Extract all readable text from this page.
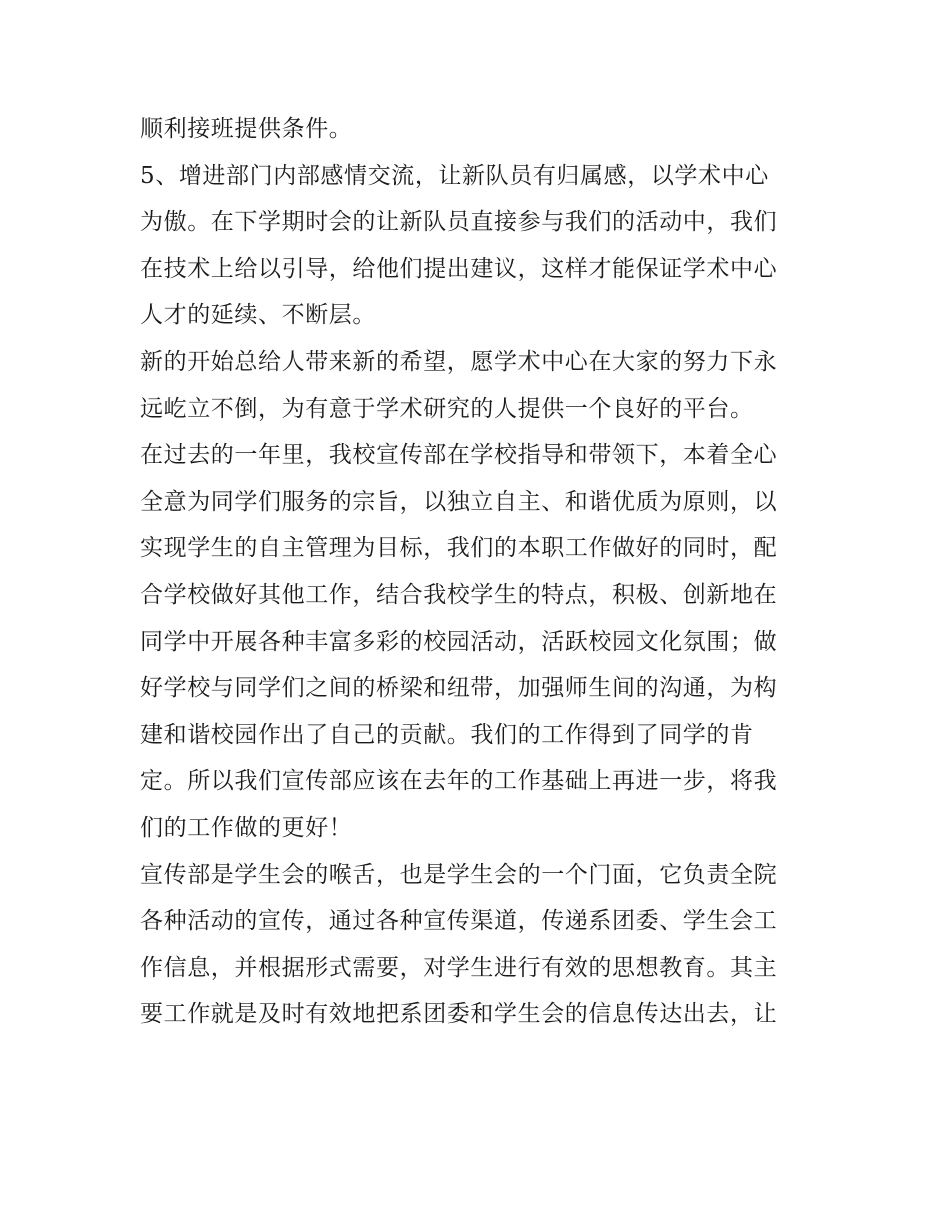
顺利接班提供条件。
5、增进部门内部感情交流，让新队员有归属感，以学术中心
为傲。在下学期时会的让新队员直接参与我们的活动中，我们
在技术上给以引导，给他们提出建议，这样才能保证学术中心
人才的延续、不断层。
新的开始总给人带来新的希望，愿学术中心在大家的努力下永
远屹立不倒，为有意于学术研究的人提供一个良好的平台。
在过去的一年里，我校宣传部在学校指导和带领下，本着全心
全意为同学们服务的宗旨，以独立自主、和谐优质为原则，以
实现学生的自主管理为目标，我们的本职工作做好的同时，配
合学校做好其他工作，结合我校学生的特点，积极、创新地在
同学中开展各种丰富多彩的校园活动，活跃校园文化氛围；做
好学校与同学们之间的桥梁和纽带，加强师生间的沟通，为构
建和谐校园作出了自己的贡献。我们的工作得到了同学的肯
定。所以我们宣传部应该在去年的工作基础上再进一步，将我
们的工作做的更好！
宣传部是学生会的喉舌，也是学生会的一个门面，它负责全院
各种活动的宣传，通过各种宣传渠道，传递系团委、学生会工
作信息，并根据形式需要，对学生进行有效的思想教育。其主
要工作就是及时有效地把系团委和学生会的信息传达出去，让
